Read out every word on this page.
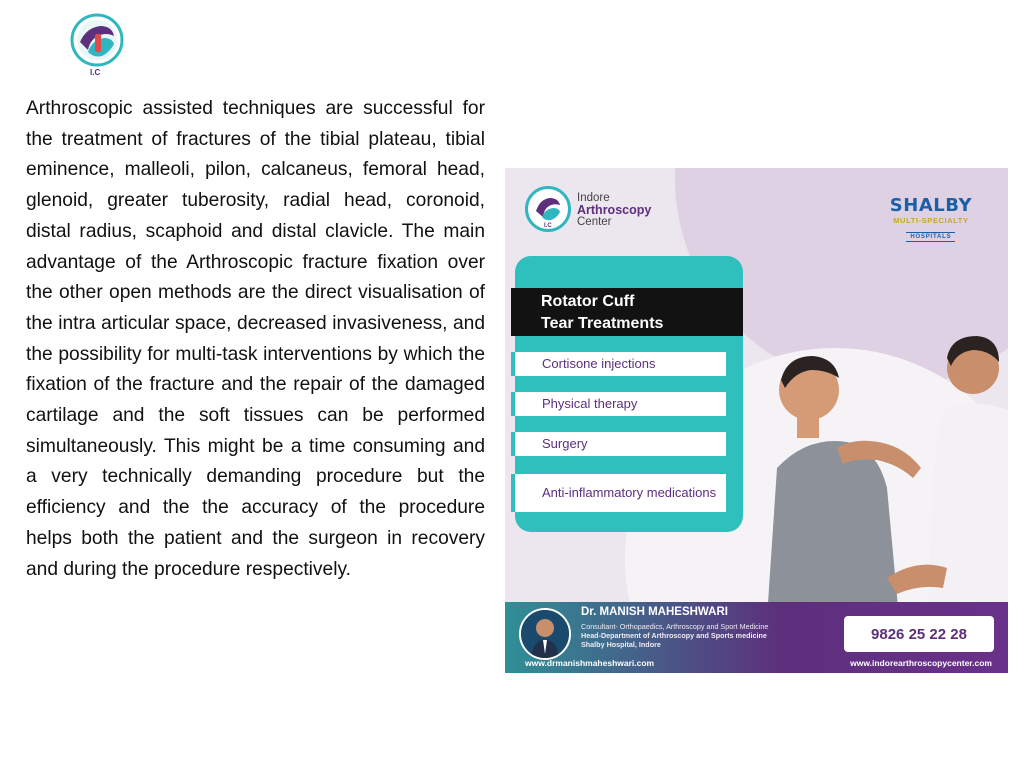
I.C

Arthroscopic assisted techniques are successful for the treatment of fractures of the tibial plateau, tibial eminence, malleoli, pilon, calcaneus, femoral head, glenoid, greater tuberosity, radial head, coronoid, distal radius, scaphoid and distal clavicle. The main advantage of the Arthroscopic fracture fixation over the other open methods are the direct visualisation of the intra articular space, decreased invasiveness, and the possibility for multi-task interventions by which the fixation of the fracture and the repair of the damaged cartilage and the soft tissues can be performed simultaneously. This might be a time consuming and a very technically demanding procedure but the efficiency and the the accuracy of the procedure helps both the patient and the surgeon in recovery and during the procedure respectively.

I.C
Indore
Arthroscopy
Center
SHALBY
MULTI-SPECIALTY
HOSPITALS
Rotator Cuff
Tear Treatments
Cortisone injections
Physical therapy
Surgery
Anti-inflammatory medications
Dr. MANISH MAHESHWARI
Consultant- Orthopaedics, Arthroscopy and Sport Medicine
Head-Department of Arthroscopy and Sports medicine
Shalby Hospital, Indore
9826 25 22 28
www.drmanishmaheshwari.com	www.indorearthroscopycenter.com
